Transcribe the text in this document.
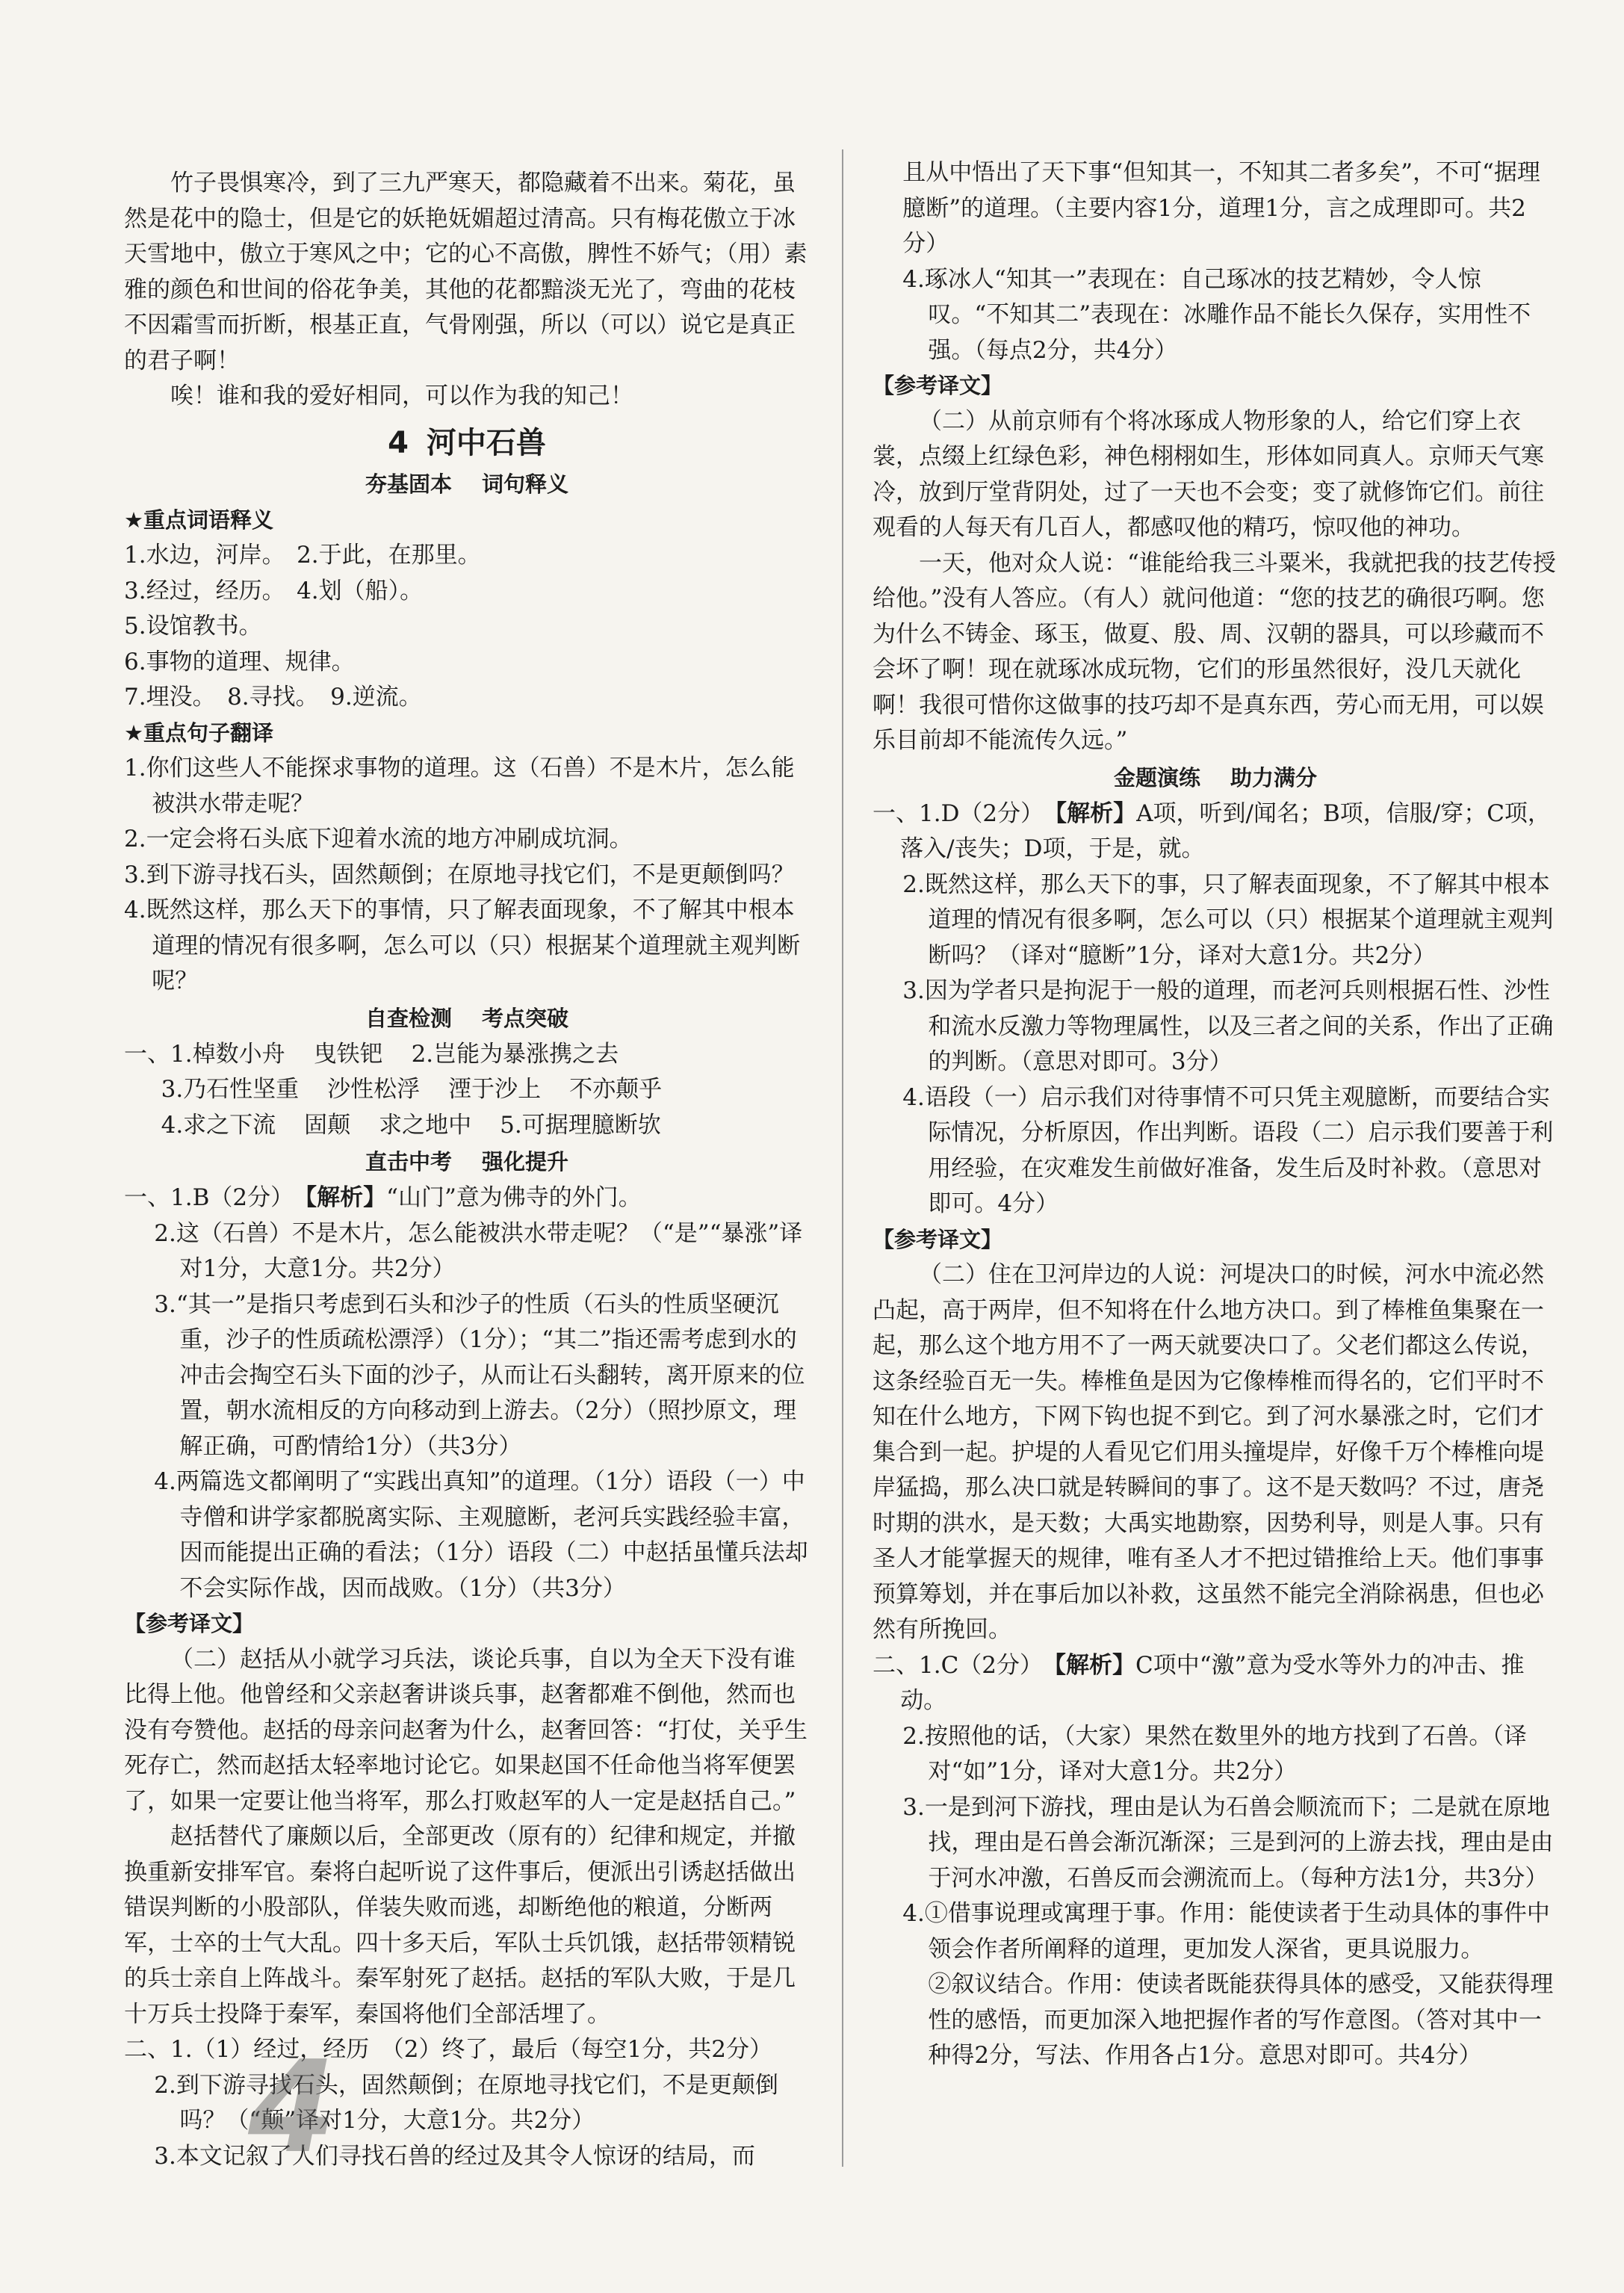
竹子畏惧寒冷，到了三九严寒天，都隐藏着不出来。菊花，虽然是花中的隐士，但是它的妖艳妩媚超过清高。只有梅花傲立于冰天雪地中，傲立于寒风之中；它的心不高傲，脾性不娇气；（用）素雅的颜色和世间的俗花争美，其他的花都黯淡无光了，弯曲的花枝不因霜雪而折断，根基正直，气骨刚强，所以（可以）说它是真正的君子啊！

唉！谁和我的爱好相同，可以作为我的知己！

4 河中石兽
夯基固本 词句释义

★重点词语释义

1.水边，河岸。　2.于此，在那里。

3.经过，经历。　4.划（船）。

5.设馆教书。

6.事物的道理、规律。

7.埋没。　8.寻找。　9.逆流。

★重点句子翻译

1.你们这些人不能探求事物的道理。这（石兽）不是木片，怎么能被洪水带走呢？

2.一定会将石头底下迎着水流的地方冲刷成坑洞。

3.到下游寻找石头，固然颠倒；在原地寻找它们，不是更颠倒吗？

4.既然这样，那么天下的事情，只了解表面现象，不了解其中根本道理的情况有很多啊，怎么可以（只）根据某个道理就主观判断呢？

自查检测 考点突破

一、1.棹数小舟 曳铁钯 2.岂能为暴涨携之去

3.乃石性坚重 沙性松浮 湮于沙上 不亦颠乎

4.求之下流 固颠 求之地中 5.可据理臆断欤

直击中考 强化提升

一、1.B（2分）　【解析】“山门”意为佛寺的外门。

2.这（石兽）不是木片，怎么能被洪水带走呢？（“是”“暴涨”译对1分，大意1分。共2分）

3.“其一”是指只考虑到石头和沙子的性质（石头的性质坚硬沉重，沙子的性质疏松漂浮）（1分）；“其二”指还需考虑到水的冲击会掏空石头下面的沙子，从而让石头翻转，离开原来的位置，朝水流相反的方向移动到上游去。（2分）（照抄原文，理解正确，可酌情给1分）（共3分）

4.两篇选文都阐明了“实践出真知”的道理。（1分）语段（一）中寺僧和讲学家都脱离实际、主观臆断，老河兵实践经验丰富，因而能提出正确的看法；（1分）语段（二）中赵括虽懂兵法却不会实际作战，因而战败。（1分）（共3分）

【参考译文】

（二）赵括从小就学习兵法，谈论兵事，自以为全天下没有谁比得上他。他曾经和父亲赵奢讲谈兵事，赵奢都难不倒他，然而也没有夸赞他。赵括的母亲问赵奢为什么，赵奢回答：“打仗，关乎生死存亡，然而赵括太轻率地讨论它。如果赵国不任命他当将军便罢了，如果一定要让他当将军，那么打败赵军的人一定是赵括自己。”

赵括替代了廉颇以后，全部更改（原有的）纪律和规定，并撤换重新安排军官。秦将白起听说了这件事后，便派出引诱赵括做出错误判断的小股部队，佯装失败而逃，却断绝他的粮道，分断两军，士卒的士气大乱。四十多天后，军队士兵饥饿，赵括带领精锐的兵士亲自上阵战斗。秦军射死了赵括。赵括的军队大败，于是几十万兵士投降于秦军，秦国将他们全部活埋了。

二、1.（1）经过，经历　（2）终了，最后（每空1分，共2分）

2.到下游寻找石头，固然颠倒；在原地寻找它们，不是更颠倒吗？（“颠”译对1分，大意1分。共2分）

3.本文记叙了人们寻找石兽的经过及其令人惊讶的结局，而

且从中悟出了天下事“但知其一，不知其二者多矣”，不可“据理臆断”的道理。（主要内容1分，道理1分，言之成理即可。共2分）

4.琢冰人“知其一”表现在：自己琢冰的技艺精妙，令人惊叹。“不知其二”表现在：冰雕作品不能长久保存，实用性不强。（每点2分，共4分）

【参考译文】

（二）从前京师有个将冰琢成人物形象的人，给它们穿上衣裳，点缀上红绿色彩，神色栩栩如生，形体如同真人。京师天气寒冷，放到厅堂背阴处，过了一天也不会变；变了就修饰它们。前往观看的人每天有几百人，都感叹他的精巧，惊叹他的神功。

一天，他对众人说：“谁能给我三斗粟米，我就把我的技艺传授给他。”没有人答应。（有人）就问他道：“您的技艺的确很巧啊。您为什么不铸金、琢玉，做夏、殷、周、汉朝的器具，可以珍藏而不会坏了啊！现在就琢冰成玩物，它们的形虽然很好，没几天就化啊！我很可惜你这做事的技巧却不是真东西，劳心而无用，可以娱乐目前却不能流传久远。”

金题演练 助力满分

一、1.D（2分）　【解析】A项，听到/闻名；B项，信服/穿；C项，落入/丧失；D项，于是，就。

2.既然这样，那么天下的事，只了解表面现象，不了解其中根本道理的情况有很多啊，怎么可以（只）根据某个道理就主观判断吗？（译对“臆断”1分，译对大意1分。共2分）

3.因为学者只是拘泥于一般的道理，而老河兵则根据石性、沙性和流水反激力等物理属性，以及三者之间的关系，作出了正确的判断。（意思对即可。3分）

4.语段（一）启示我们对待事情不可只凭主观臆断，而要结合实际情况，分析原因，作出判断。语段（二）启示我们要善于利用经验，在灾难发生前做好准备，发生后及时补救。（意思对即可。4分）

【参考译文】

（二）住在卫河岸边的人说：河堤决口的时候，河水中流必然凸起，高于两岸，但不知将在什么地方决口。到了棒椎鱼集聚在一起，那么这个地方用不了一两天就要决口了。父老们都这么传说，这条经验百无一失。棒椎鱼是因为它像棒椎而得名的，它们平时不知在什么地方，下网下钩也捉不到它。到了河水暴涨之时，它们才集合到一起。护堤的人看见它们用头撞堤岸，好像千万个棒椎向堤岸猛捣，那么决口就是转瞬间的事了。这不是天数吗？不过，唐尧时期的洪水，是天数；大禹实地勘察，因势利导，则是人事。只有圣人才能掌握天的规律，唯有圣人才不把过错推给上天。他们事事预算筹划，并在事后加以补救，这虽然不能完全消除祸患，但也必然有所挽回。

二、1.C（2分）　【解析】C项中“激”意为受水等外力的冲击、推动。

2.按照他的话，（大家）果然在数里外的地方找到了石兽。（译对“如”1分，译对大意1分。共2分）

3.一是到河下游找，理由是认为石兽会顺流而下；二是就在原地找，理由是石兽会渐沉渐深；三是到河的上游去找，理由是由于河水冲激，石兽反而会溯流而上。（每种方法1分，共3分）

4.①借事说理或寓理于事。作用：能使读者于生动具体的事件中领会作者所阐释的道理，更加发人深省，更具说服力。

②叙议结合。作用：使读者既能获得具体的感受，又能获得理性的感悟，而更加深入地把握作者的写作意图。（答对其中一种得2分，写法、作用各占1分。意思对即可。共4分）

4
